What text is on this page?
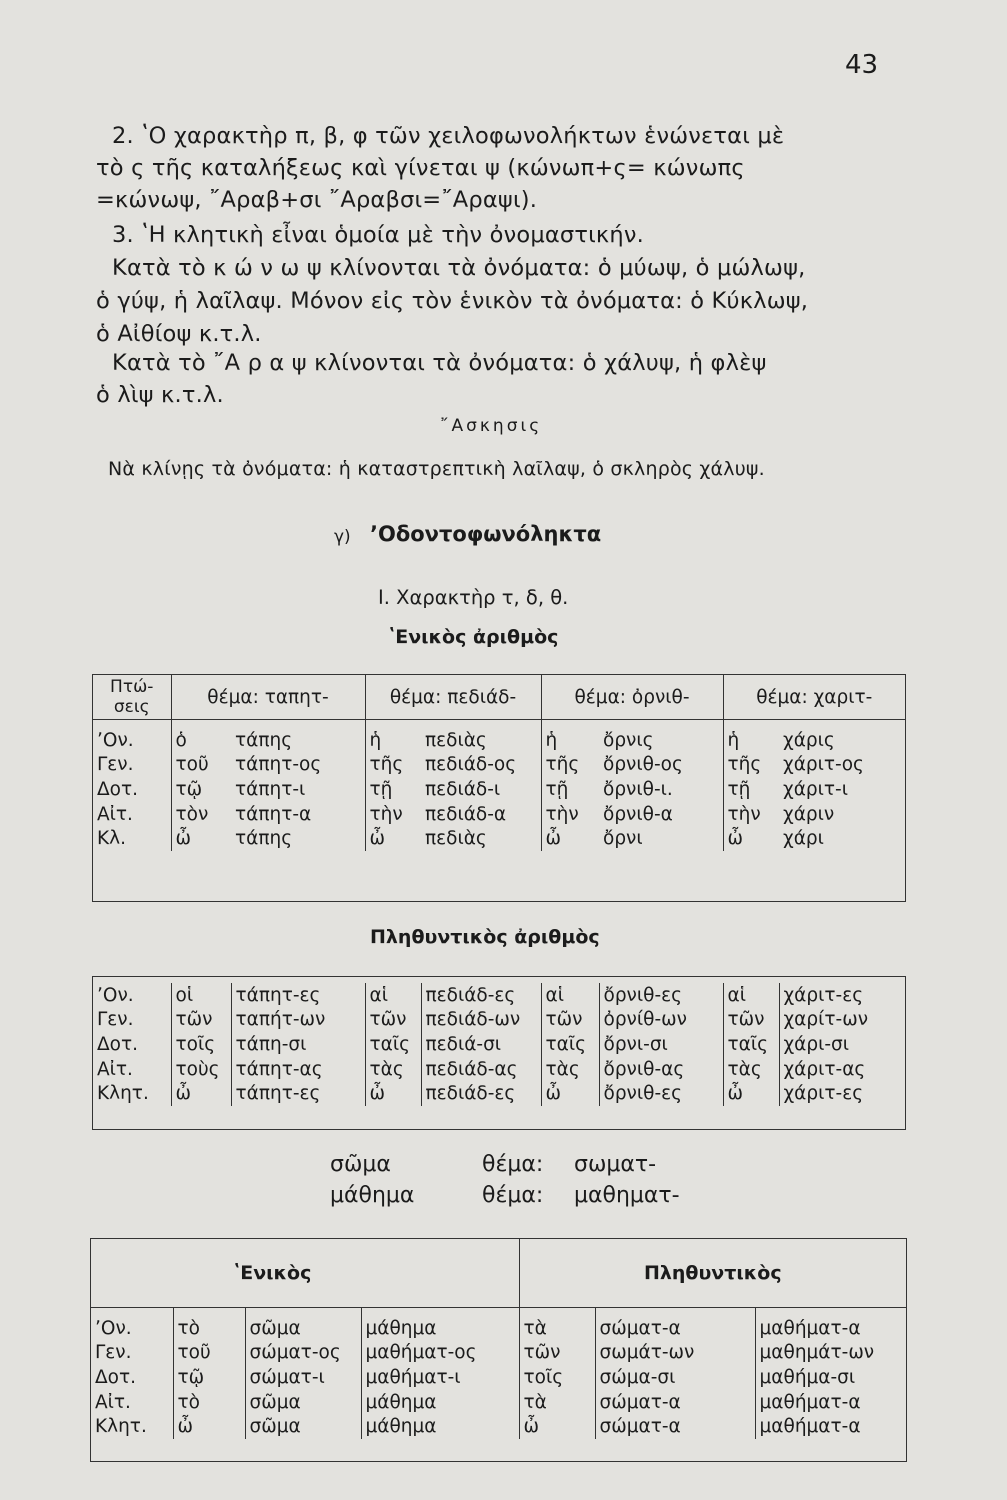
43
2. ʽΟ χαρακτὴρ π, β, φ τῶν χειλοφωνολήκτων ἑνώνεται μὲ
τὸ ς τῆς καταλήξεως καὶ γίνεται ψ (κώνωπ+ς= κώνωπς
=κώνωψ, ῎Αραβ+σι ῎Αραβσι=῎Αραψι).
3. ʽΗ κλητικὴ εἶναι ὁμοία μὲ τὴν ὀνομαστικήν.
Κατὰ τὸ κ ώ ν ω ψ κλίνονται τὰ ὀνόματα: ὁ μύωψ, ὁ μώλωψ,
ὁ γύψ, ἡ λαῖλαψ. Μόνον εἰς τὸν ἑνικὸν τὰ ὀνόματα: ὁ Κύκλωψ,
ὁ Αἰθίοψ κ.τ.λ.
Κατὰ τὸ ῎Α ρ α ψ κλίνονται τὰ ὀνόματα: ὁ χάλυψ, ἡ φλὲψ
ὁ λὶψ κ.τ.λ.
῎Ασκησις
Νὰ κλίνῃς τὰ ὀνόματα: ἡ καταστρεπτικὴ λαῖλαψ, ὁ σκληρὸς χάλυψ.
γ) ʼΟδοντοφωνόληκτα
Ι. Χαρακτὴρ τ, δ, θ.
ʽΕνικὸς ἀριθμὸς
Πτώ-σεις	θέμα: ταπητ-		θέμα: πεδιάδ-		θέμα: ὀρνιθ-		θέμα: χαριτ-	

ʼΟν.	ὁ	τάπης	ἡ	πεδιὰς	ἡ	ὄρνις	ἡ	χάρις
Γεν.	τοῦ	τάπητ-ος	τῆς	πεδιάδ-ος	τῆς	ὄρνιθ-ος	τῆς	χάριτ-ος
Δοτ.	τῷ	τάπητ-ι	τῇ	πεδιάδ-ι	τῇ	ὄρνιθ-ι.	τῇ	χάριτ-ι
Αἰτ.	τὸν	τάπητ-α	τὴν	πεδιάδ-α	τὴν	ὄρνιθ-α	τὴν	χάριν
Κλ.	ὦ	τάπης	ὦ	πεδιὰς	ὦ	ὄρνι	ὦ	χάρι
Πληθυντικὸς ἀριθμὸς
ʼΟν.	οἱ	τάπητ-ες	αἱ	πεδιάδ-ες	αἱ	ὄρνιθ-ες	αἱ	χάριτ-ες
Γεν.	τῶν	ταπήτ-ων	τῶν	πεδιάδ-ων	τῶν	ὀρνίθ-ων	τῶν	χαρίτ-ων
Δοτ.	τοῖς	τάπη-σι	ταῖς	πεδιά-σι	ταῖς	ὄρνι-σι	ταῖς	χάρι-σι
Αἰτ.	τοὺς	τάπητ-ας	τὰς	πεδιάδ-ας	τὰς	ὄρνιθ-ας	τὰς	χάριτ-ας
Κλητ.	ὦ	τάπητ-ες	ὦ	πεδιάδ-ες	ὦ	ὄρνιθ-ες	ὦ	χάριτ-ες
σῶμα	θέμα: σωματ-
μάθημα	θέμα: μαθηματ-
	ʽΕνικὸς			Πληθυντικὸς		

ʼΟν.	τὸ	σῶμα	μάθημα	τὰ	σώματ-α	μαθήματ-α
Γεν.	τοῦ	σώματ-ος	μαθήματ-ος	τῶν	σωμάτ-ων	μαθημάτ-ων
Δοτ.	τῷ	σώματ-ι	μαθήματ-ι	τοῖς	σώμα-σι	μαθήμα-σι
Αἰτ.	τὸ	σῶμα	μάθημα	τὰ	σώματ-α	μαθήματ-α
Κλητ.	ὦ	σῶμα	μάθημα	ὦ	σώματ-α	μαθήματ-α
